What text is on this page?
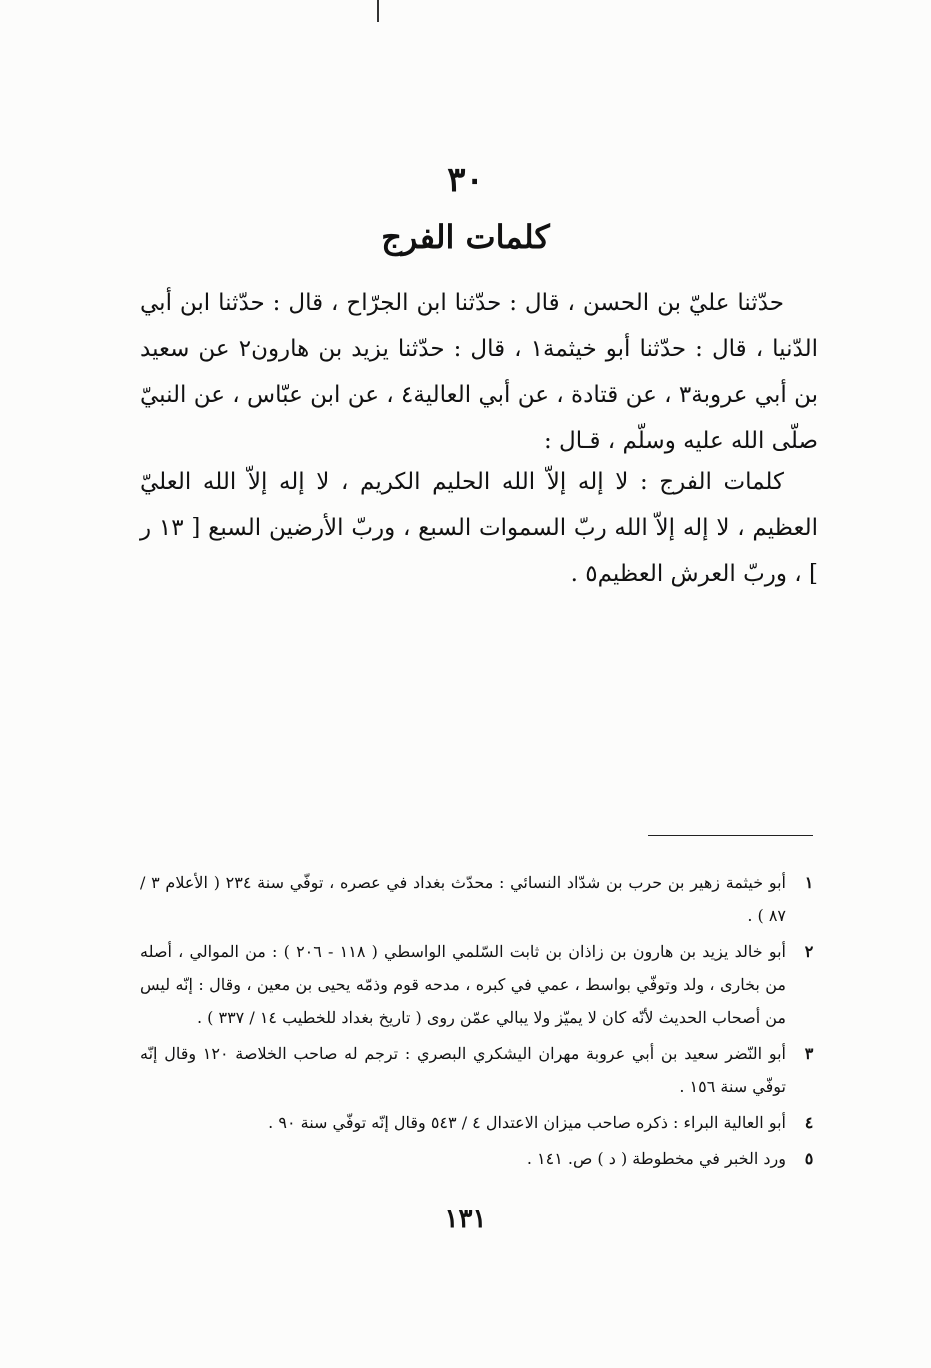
٣٠
كلمات الفرج

حدّثنا عليّ بن الحسن ، قال : حدّثنا ابن الجرّاح ، قال : حدّثنا ابن أبي الدّنيا ، قال : حدّثنا أبو خيثمة١ ، قال : حدّثنا يزيد بن هارون٢ عن سعيد بن أبي عروبة٣ ، عن قتادة ، عن أبي العالية٤ ، عن ابن عبّاس ، عن النبيّ صلّى الله عليه وسلّم ، قـال :

كلمات الفرج : لا إله إلاّ الله الحليم الكريم ، لا إله إلاّ الله العليّ العظيم ، لا إله إلاّ الله ربّ السموات السبع ، وربّ الأرضين السبع [ ١٣ ر ] ، وربّ العرش العظيم٥ .

١
أبو خيثمة زهير بن حرب بن شدّاد النسائي : محدّث بغداد في عصره ، توفّي سنة ٢٣٤ ( الأعلام ٣ / ٨٧ ) .
٢
أبو خالد يزيد بن هارون بن زاذان بن ثابت السّلمي الواسطي ( ١١٨ - ٢٠٦ ) : من الموالي ، أصله من بخارى ، ولد وتوفّي بواسط ، عمي في كبره ، مدحه قوم وذمّه يحيى بن معين ، وقال : إنّه ليس من أصحاب الحديث لأنّه كان لا يميّز ولا يبالي عمّن روى ( تاريخ بغداد للخطيب ١٤ / ٣٣٧ ) .
٣
أبو النّضر سعيد بن أبي عروبة مهران اليشكري البصري : ترجم له صاحب الخلاصة ١٢٠ وقال إنّه توفّي سنة ١٥٦ .
٤
أبو العالية البراء : ذكره صاحب ميزان الاعتدال ٤ / ٥٤٣ وقال إنّه توفّي سنة ٩٠ .
٥
ورد الخبر في مخطوطة ( د ) ص. ١٤١ .
١٣١
